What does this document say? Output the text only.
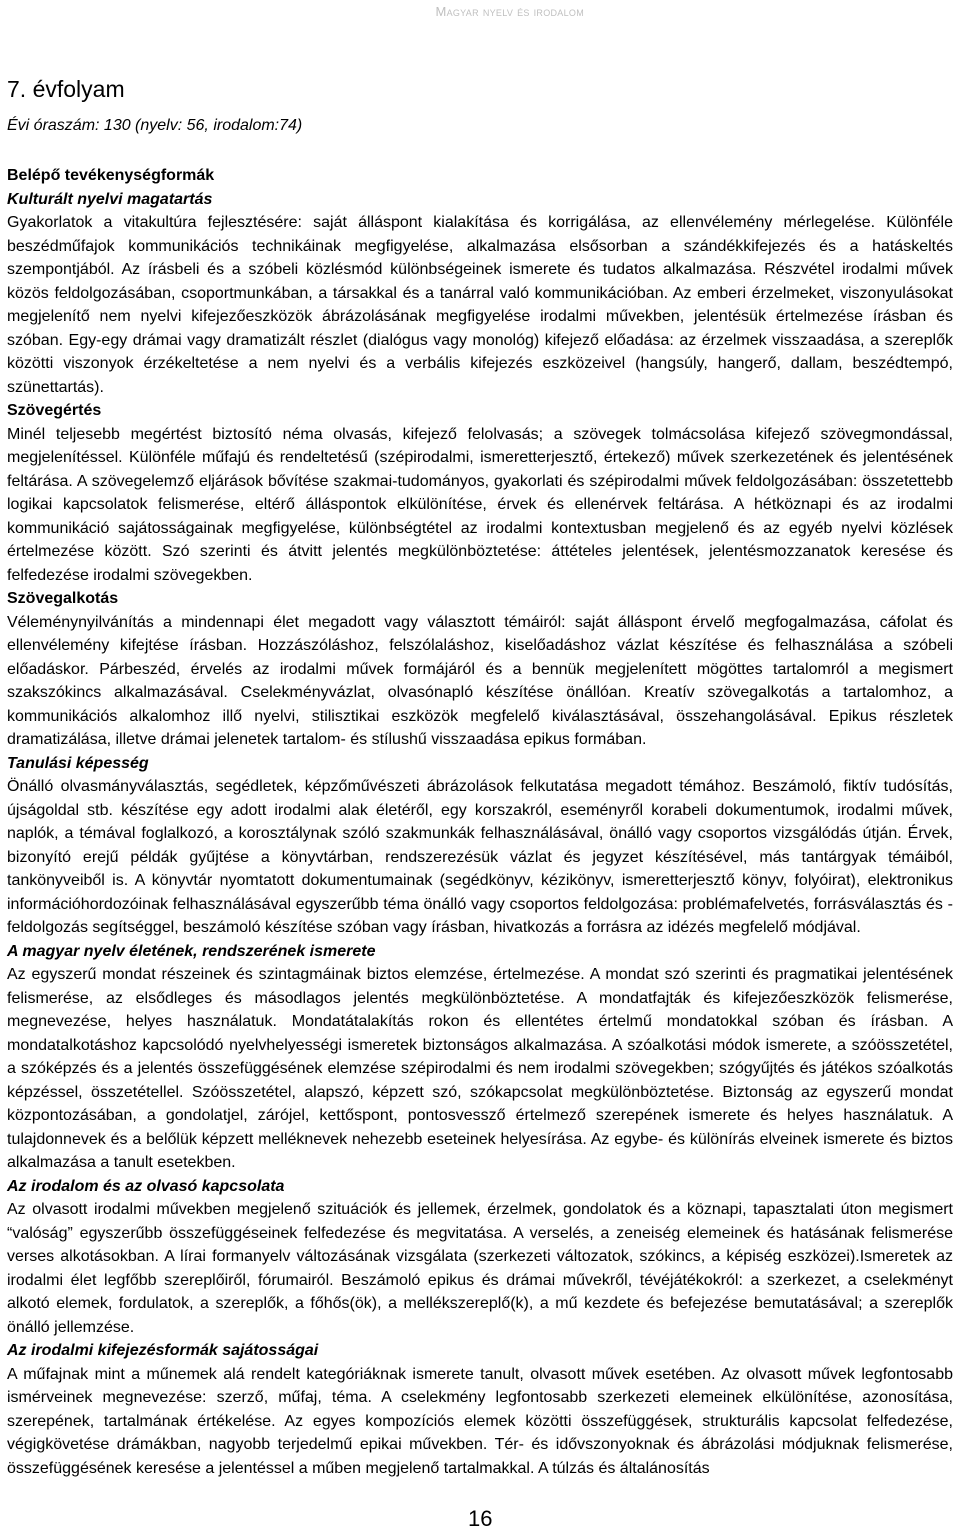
Magyar nyelv és irodalom
7. évfolyam
Évi óraszám: 130 (nyelv: 56, irodalom:74)

Belépő tevékenységformák

Kulturált nyelvi magatartás

Gyakorlatok a vitakultúra fejlesztésére: saját álláspont kialakítása és korrigálása, az ellenvélemény mérlegelése. Különféle beszédműfajok kommunikációs technikáinak megfigyelése, alkalmazása elsősorban a szándékkifejezés és a hatáskeltés szempontjából. Az írásbeli és a szóbeli közlésmód különbségeinek ismerete és tudatos alkalmazása. Részvétel irodalmi művek közös feldolgozásában, csoportmunkában, a társakkal és a tanárral való kommunikációban. Az emberi érzelmeket, viszonyulásokat megjelenítő nem nyelvi kifejezőeszközök ábrázolásának megfigyelése irodalmi művekben, jelentésük értelmezése írásban és szóban. Egy-egy drámai vagy dramatizált részlet (dialógus vagy monológ) kifejező előadása: az érzelmek visszaadása, a szereplők közötti viszonyok érzékeltetése a nem nyelvi és a verbális kifejezés eszközeivel (hangsúly, hangerő, dallam, beszédtempó, szünettartás).

Szövegértés

Minél teljesebb megértést biztosító néma olvasás, kifejező felolvasás; a szövegek tolmácsolása kifejező szövegmondással, megjelenítéssel. Különféle műfajú és rendeltetésű (szépirodalmi, ismeretterjesztő, értekező) művek szerkezetének és jelentésének feltárása. A szövegelemző eljárások bővítése szakmai-tudományos, gyakorlati és szépirodalmi művek feldolgozásában: összetettebb logikai kapcsolatok felismerése, eltérő álláspontok elkülönítése, érvek és ellenérvek feltárása. A hétköznapi és az irodalmi kommunikáció sajátosságainak megfigyelése, különbségtétel az irodalmi kontextusban megjelenő és az egyéb nyelvi közlések értelmezése között. Szó szerinti és átvitt jelentés megkülönböztetése: áttételes jelentések, jelentésmozzanatok keresése és felfedezése irodalmi szövegekben.

Szövegalkotás

Véleménynyilvánítás a mindennapi élet megadott vagy választott témáiról: saját álláspont érvelő megfogalmazása, cáfolat és ellenvélemény kifejtése írásban. Hozzászóláshoz, felszólaláshoz, kiselőadáshoz vázlat készítése és felhasználása a szóbeli előadáskor. Párbeszéd, érvelés az irodalmi művek formájáról és a bennük megjelenített mögöttes tartalomról a megismert szakszókincs alkalmazásával. Cselekményvázlat, olvasónapló készítése önállóan. Kreatív szövegalkotás a tartalomhoz, a kommunikációs alkalomhoz illő nyelvi, stilisztikai eszközök megfelelő kiválasztásával, összehangolásával. Epikus részletek dramatizálása, illetve drámai jelenetek tartalom- és stílushű visszaadása epikus formában.

Tanulási képesség

Önálló olvasmányválasztás, segédletek, képzőművészeti ábrázolások felkutatása megadott témához. Beszámoló, fiktív tudósítás, újságoldal stb. készítése egy adott irodalmi alak életéről, egy korszakról, eseményről korabeli dokumentumok, irodalmi művek, naplók, a témával foglalkozó, a korosztálynak szóló szakmunkák felhasználásával, önálló vagy csoportos vizsgálódás útján. Érvek, bizonyító erejű példák gyűjtése a könyvtárban, rendszerezésük vázlat és jegyzet készítésével, más tantárgyak témáiból, tankönyveiből is. A könyvtár nyomtatott dokumentumainak (segédkönyv, kézikönyv, ismeretterjesztő könyv, folyóirat), elektronikus információhordozóinak felhasználásával egyszerűbb téma önálló vagy csoportos feldolgozása: problémafelvetés, forrásválasztás és -feldolgozás segítséggel, beszámoló készítése szóban vagy írásban, hivatkozás a forrásra az idézés megfelelő módjával.

A magyar nyelv életének, rendszerének ismerete

Az egyszerű mondat részeinek és szintagmáinak biztos elemzése, értelmezése. A mondat szó szerinti és pragmatikai jelentésének felismerése, az elsődleges és másodlagos jelentés megkülönböztetése. A mondatfajták és kifejezőeszközök felismerése, megnevezése, helyes használatuk. Mondatátalakítás rokon és ellentétes értelmű mondatokkal szóban és írásban. A mondatalkotáshoz kapcsolódó nyelvhelyességi ismeretek biztonságos alkalmazása. A szóalkotási módok ismerete, a szóösszetétel, a szóképzés és a jelentés összefüggésének elemzése szépirodalmi és nem irodalmi szövegekben; szógyűjtés és játékos szóalkotás képzéssel, összetétellel. Szóösszetétel, alapszó, képzett szó, szókapcsolat megkülönböztetése. Biztonság az egyszerű mondat központozásában, a gondolatjel, zárójel, kettőspont, pontosvessző értelmező szerepének ismerete és helyes használatuk. A tulajdonnevek és a belőlük képzett melléknevek nehezebb eseteinek helyesírása. Az egybe- és különírás elveinek ismerete és biztos alkalmazása a tanult esetekben.

Az irodalom és az olvasó kapcsolata

Az olvasott irodalmi művekben megjelenő szituációk és jellemek, érzelmek, gondolatok és a köznapi, tapasztalati úton megismert “valóság” egyszerűbb összefüggéseinek felfedezése és megvitatása. A verselés, a zeneiség elemeinek és hatásának felismerése verses alkotásokban. A lírai formanyelv változásának vizsgálata (szerkezeti változatok, szókincs, a képiség eszközei).Ismeretek az irodalmi élet legfőbb szereplőiről, fórumairól. Beszámoló epikus és drámai művekről, tévéjátékokról: a szerkezet, a cselekményt alkotó elemek, fordulatok, a szereplők, a főhős(ök), a mellékszereplő(k), a mű kezdete és befejezése bemutatásával; a szereplők önálló jellemzése.

Az irodalmi kifejezésformák sajátosságai

A műfajnak mint a műnemek alá rendelt kategóriáknak ismerete tanult, olvasott művek esetében. Az olvasott művek legfontosabb ismérveinek megnevezése: szerző, műfaj, téma. A cselekmény legfontosabb szerkezeti elemeinek elkülönítése, azonosítása, szerepének, tartalmának értékelése. Az egyes kompozíciós elemek közötti összefüggések, strukturális kapcsolat felfedezése, végigkövetése drámákban, nagyobb terjedelmű epikai művekben. Tér- és idővszonyoknak és ábrázolási módjuknak felismerése, összefüggésének keresése a jelentéssel a műben megjelenő tartalmakkal. A túlzás és általánosítás

16
